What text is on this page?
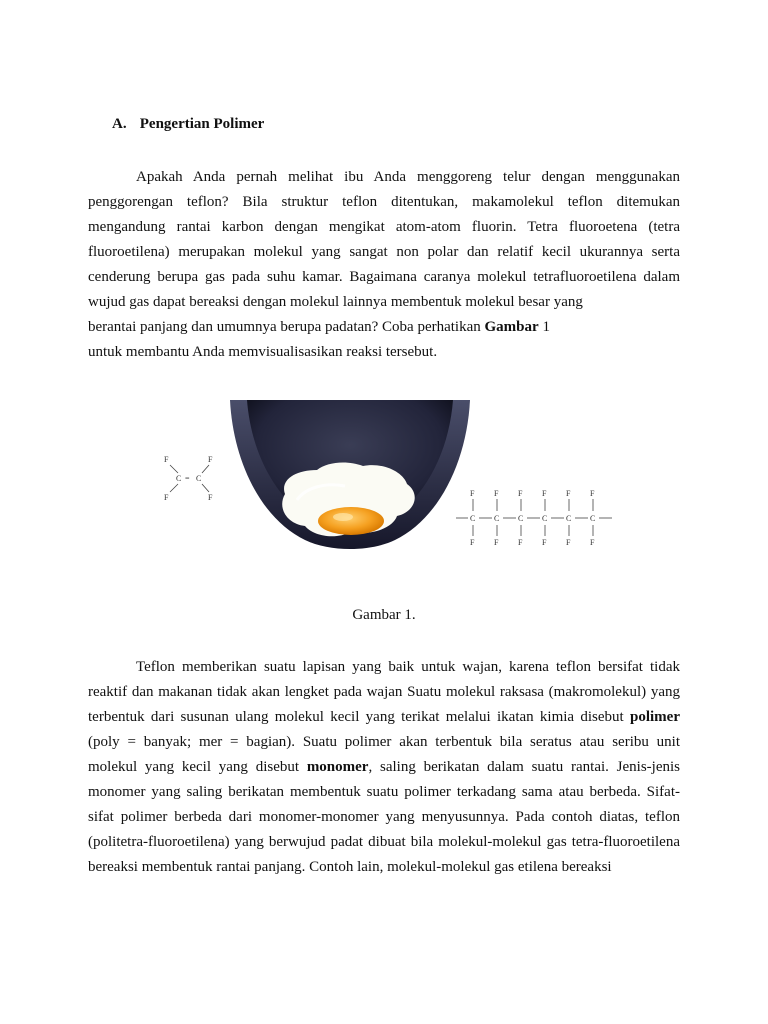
A. Pengertian Polimer
Apakah Anda pernah melihat ibu Anda menggoreng telur dengan menggunakan
penggorengan teflon? Bila struktur teflon ditentukan, makamolekul teflon ditemukan
mengandung rantai karbon dengan mengikat atom-atom fluorin. Tetra fluoroetena (tetra
fluoroetilena) merupakan molekul yang sangat non polar dan relatif kecil ukurannya serta
cenderung berupa gas pada suhu kamar. Bagaimana caranya molekul tetrafluoroetilena dalam
wujud gas dapat bereaksi dengan molekul lainnya membentuk molekul besar yang
berantai panjang dan umumnya berupa padatan? Coba perhatikan Gambar 1
untuk membantu Anda memvisualisasikan reaksi tersebut.
F	F
C = C
F	F	F
C
F
F
C
F
F
C
F
F
C
F
F
C
F
F
C
F
Gambar 1.
Teflon memberikan suatu lapisan yang baik untuk wajan, karena teflon bersifat tidak
reaktif dan makanan tidak akan lengket pada wajan Suatu molekul raksasa (makromolekul) yang
terbentuk dari susunan ulang molekul kecil yang terikat melalui ikatan kimia disebut polimer
(poly = banyak; mer = bagian). Suatu polimer akan terbentuk bila seratus atau seribu unit
molekul yang kecil yang disebut monomer, saling berikatan dalam suatu rantai. Jenis-jenis
monomer yang saling berikatan membentuk suatu polimer terkadang sama atau berbeda. Sifat-
sifat polimer berbeda dari monomer-monomer yang menyusunnya. Pada contoh diatas, teflon
(politetra-fluoroetilena) yang berwujud padat dibuat bila molekul-molekul gas tetra-fluoroetilena
bereaksi membentuk rantai panjang. Contoh lain, molekul-molekul gas etilena bereaksi
